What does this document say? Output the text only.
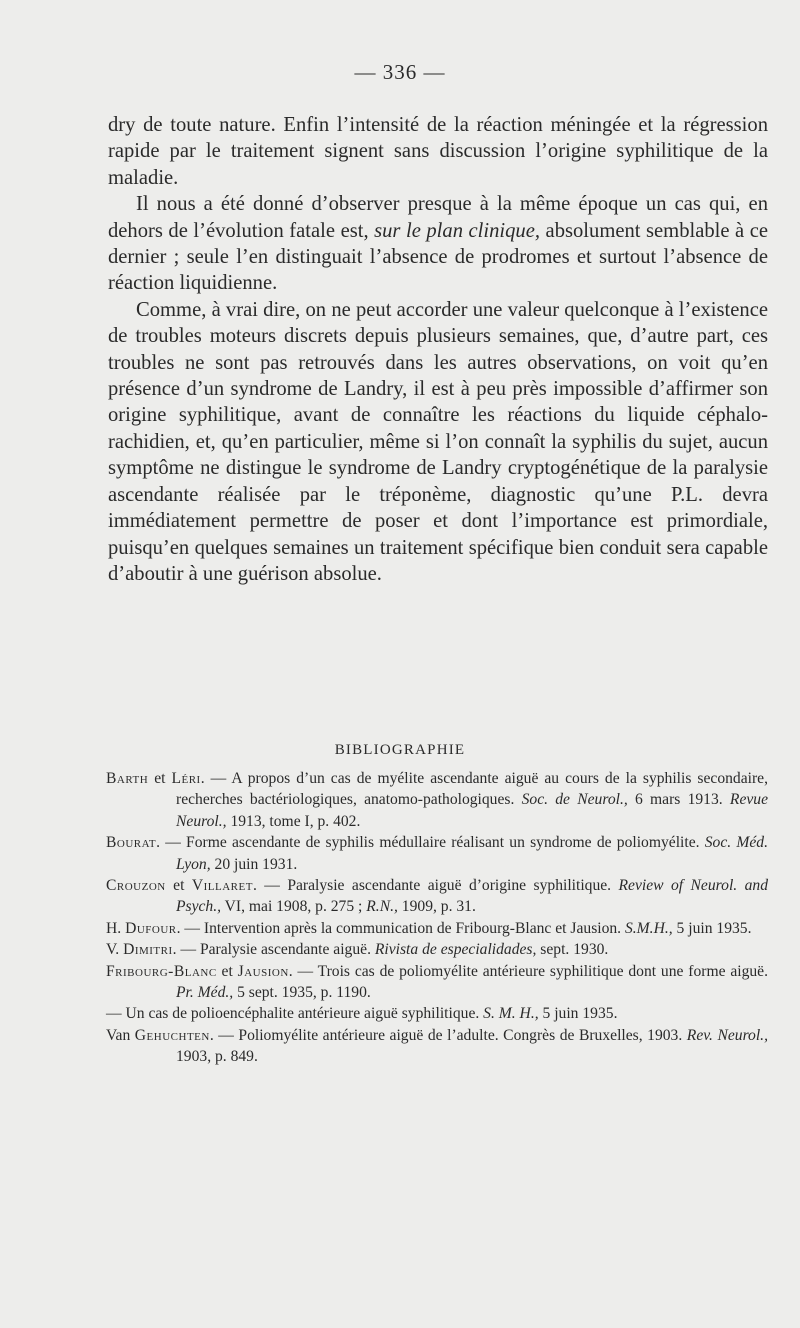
— 336 —

dry de toute nature. Enfin l’intensité de la réaction méningée et la régression rapide par le traitement signent sans discussion l’origine syphilitique de la maladie.

Il nous a été donné d’observer presque à la même époque un cas qui, en dehors de l’évolution fatale est, sur le plan clinique, absolument semblable à ce dernier ; seule l’en distinguait l’absence de prodromes et surtout l’absence de réaction liquidienne.

Comme, à vrai dire, on ne peut accorder une valeur quelconque à l’existence de troubles moteurs discrets depuis plusieurs semaines, que, d’autre part, ces troubles ne sont pas retrouvés dans les autres observations, on voit qu’en présence d’un syndrome de Landry, il est à peu près impossible d’affirmer son origine syphilitique, avant de connaître les réactions du liquide céphalo-rachidien, et, qu’en particulier, même si l’on connaît la syphilis du sujet, aucun symptôme ne distingue le syndrome de Landry cryptogénétique de la paralysie ascendante réalisée par le tréponème, diagnostic qu’une P.L. devra immédiatement permettre de poser et dont l’importance est primordiale, puisqu’en quelques semaines un traitement spécifique bien conduit sera capable d’aboutir à une guérison absolue.

BIBLIOGRAPHIE

Barth et Léri. — A propos d’un cas de myélite ascendante aiguë au cours de la syphilis secondaire, recherches bactériologiques, anatomo-pathologiques. Soc. de Neurol., 6 mars 1913. Revue Neurol., 1913, tome I, p. 402.

Bourat. — Forme ascendante de syphilis médullaire réalisant un syndrome de poliomyélite. Soc. Méd. Lyon, 20 juin 1931.

Crouzon et Villaret. — Paralysie ascendante aiguë d’origine syphilitique. Review of Neurol. and Psych., VI, mai 1908, p. 275 ; R.N., 1909, p. 31.

H. Dufour. — Intervention après la communication de Fribourg-Blanc et Jausion. S.M.H., 5 juin 1935.

V. Dimitri. — Paralysie ascendante aiguë. Rivista de especialidades, sept. 1930.

Fribourg-Blanc et Jausion. — Trois cas de poliomyélite antérieure syphilitique dont une forme aiguë. Pr. Méd., 5 sept. 1935, p. 1190.

— Un cas de polioencéphalite antérieure aiguë syphilitique. S. M. H., 5 juin 1935.

Van Gehuchten. — Poliomyélite antérieure aiguë de l’adulte. Congrès de Bruxelles, 1903. Rev. Neurol., 1903, p. 849.
